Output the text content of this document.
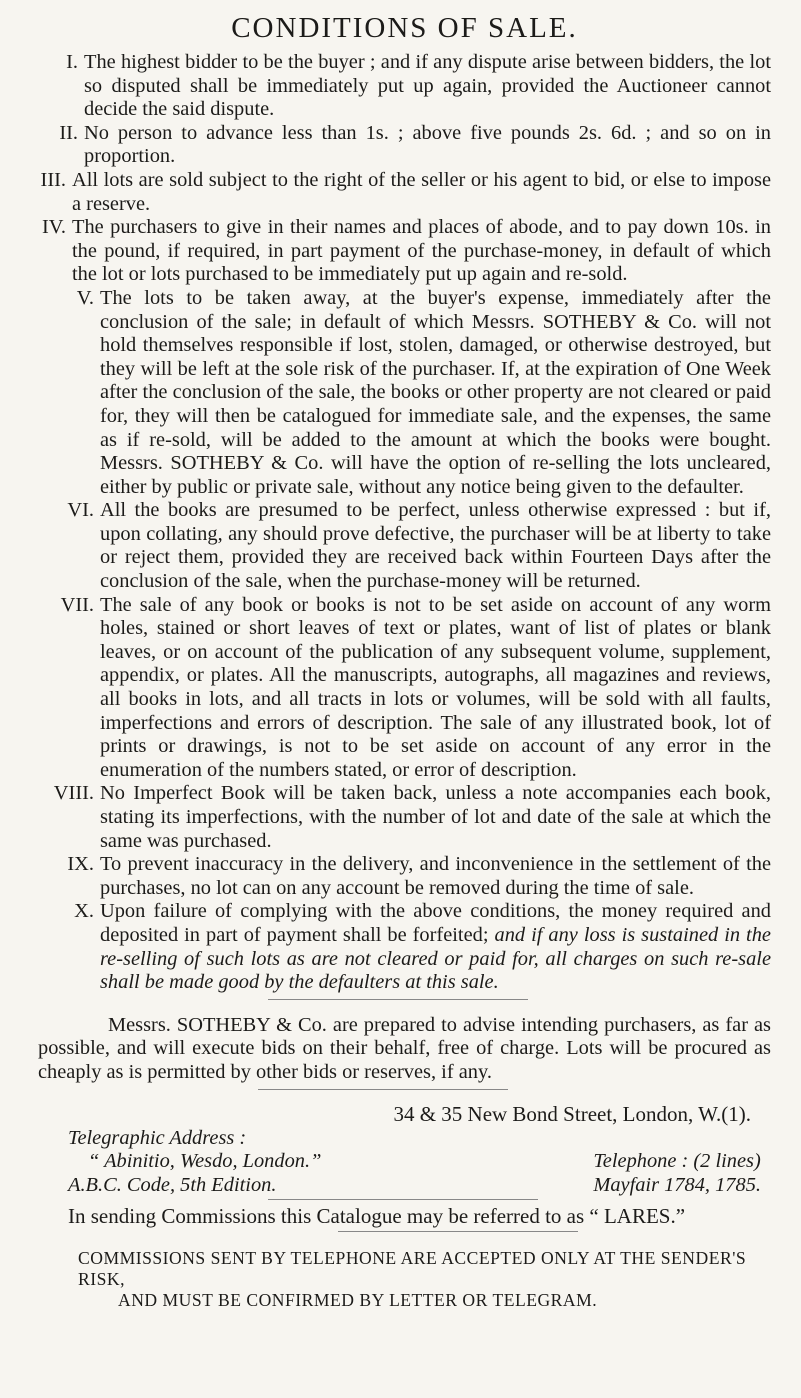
CONDITIONS OF SALE.
I. The highest bidder to be the buyer ; and if any dispute arise between bidders, the lot so disputed shall be immediately put up again, provided the Auctioneer cannot decide the said dispute.
II. No person to advance less than 1s. ; above five pounds 2s. 6d. ; and so on in proportion.
III. All lots are sold subject to the right of the seller or his agent to bid, or else to impose a reserve.
IV. The purchasers to give in their names and places of abode, and to pay down 10s. in the pound, if required, in part payment of the purchase-money, in default of which the lot or lots purchased to be immediately put up again and re-sold.
V. The lots to be taken away, at the buyer's expense, immediately after the conclusion of the sale; in default of which Messrs. SOTHEBY & Co. will not hold themselves responsible if lost, stolen, damaged, or otherwise destroyed, but they will be left at the sole risk of the purchaser. If, at the expiration of One Week after the conclusion of the sale, the books or other property are not cleared or paid for, they will then be catalogued for immediate sale, and the expenses, the same as if re-sold, will be added to the amount at which the books were bought. Messrs. SOTHEBY & Co. will have the option of re-selling the lots uncleared, either by public or private sale, without any notice being given to the defaulter.
VI. All the books are presumed to be perfect, unless otherwise expressed : but if, upon collating, any should prove defective, the purchaser will be at liberty to take or reject them, provided they are received back within Fourteen Days after the conclusion of the sale, when the purchase-money will be returned.
VII. The sale of any book or books is not to be set aside on account of any worm holes, stained or short leaves of text or plates, want of list of plates or blank leaves, or on account of the publication of any subsequent volume, supplement, appendix, or plates. All the manuscripts, autographs, all magazines and reviews, all books in lots, and all tracts in lots or volumes, will be sold with all faults, imperfections and errors of description. The sale of any illustrated book, lot of prints or drawings, is not to be set aside on account of any error in the enumeration of the numbers stated, or error of description.
VIII. No Imperfect Book will be taken back, unless a note accompanies each book, stating its imperfections, with the number of lot and date of the sale at which the same was purchased.
IX. To prevent inaccuracy in the delivery, and inconvenience in the settlement of the purchases, no lot can on any account be removed during the time of sale.
X. Upon failure of complying with the above conditions, the money required and deposited in part of payment shall be forfeited; and if any loss is sustained in the re-selling of such lots as are not cleared or paid for, all charges on such re-sale shall be made good by the defaulters at this sale.
Messrs. SOTHEBY & Co. are prepared to advise intending purchasers, as far as possible, and will execute bids on their behalf, free of charge. Lots will be procured as cheaply as is permitted by other bids or reserves, if any.
34 & 35 New Bond Street, London, W.(1).
Telegraphic Address :
“ Abinitio, Wesdo, London.”
A.B.C. Code, 5th Edition.
Telephone : (2 lines)
Mayfair 1784, 1785.
In sending Commissions this Catalogue may be referred to as “ LARES.”
COMMISSIONS SENT BY TELEPHONE ARE ACCEPTED ONLY AT THE SENDER'S RISK,
AND MUST BE CONFIRMED BY LETTER OR TELEGRAM.
